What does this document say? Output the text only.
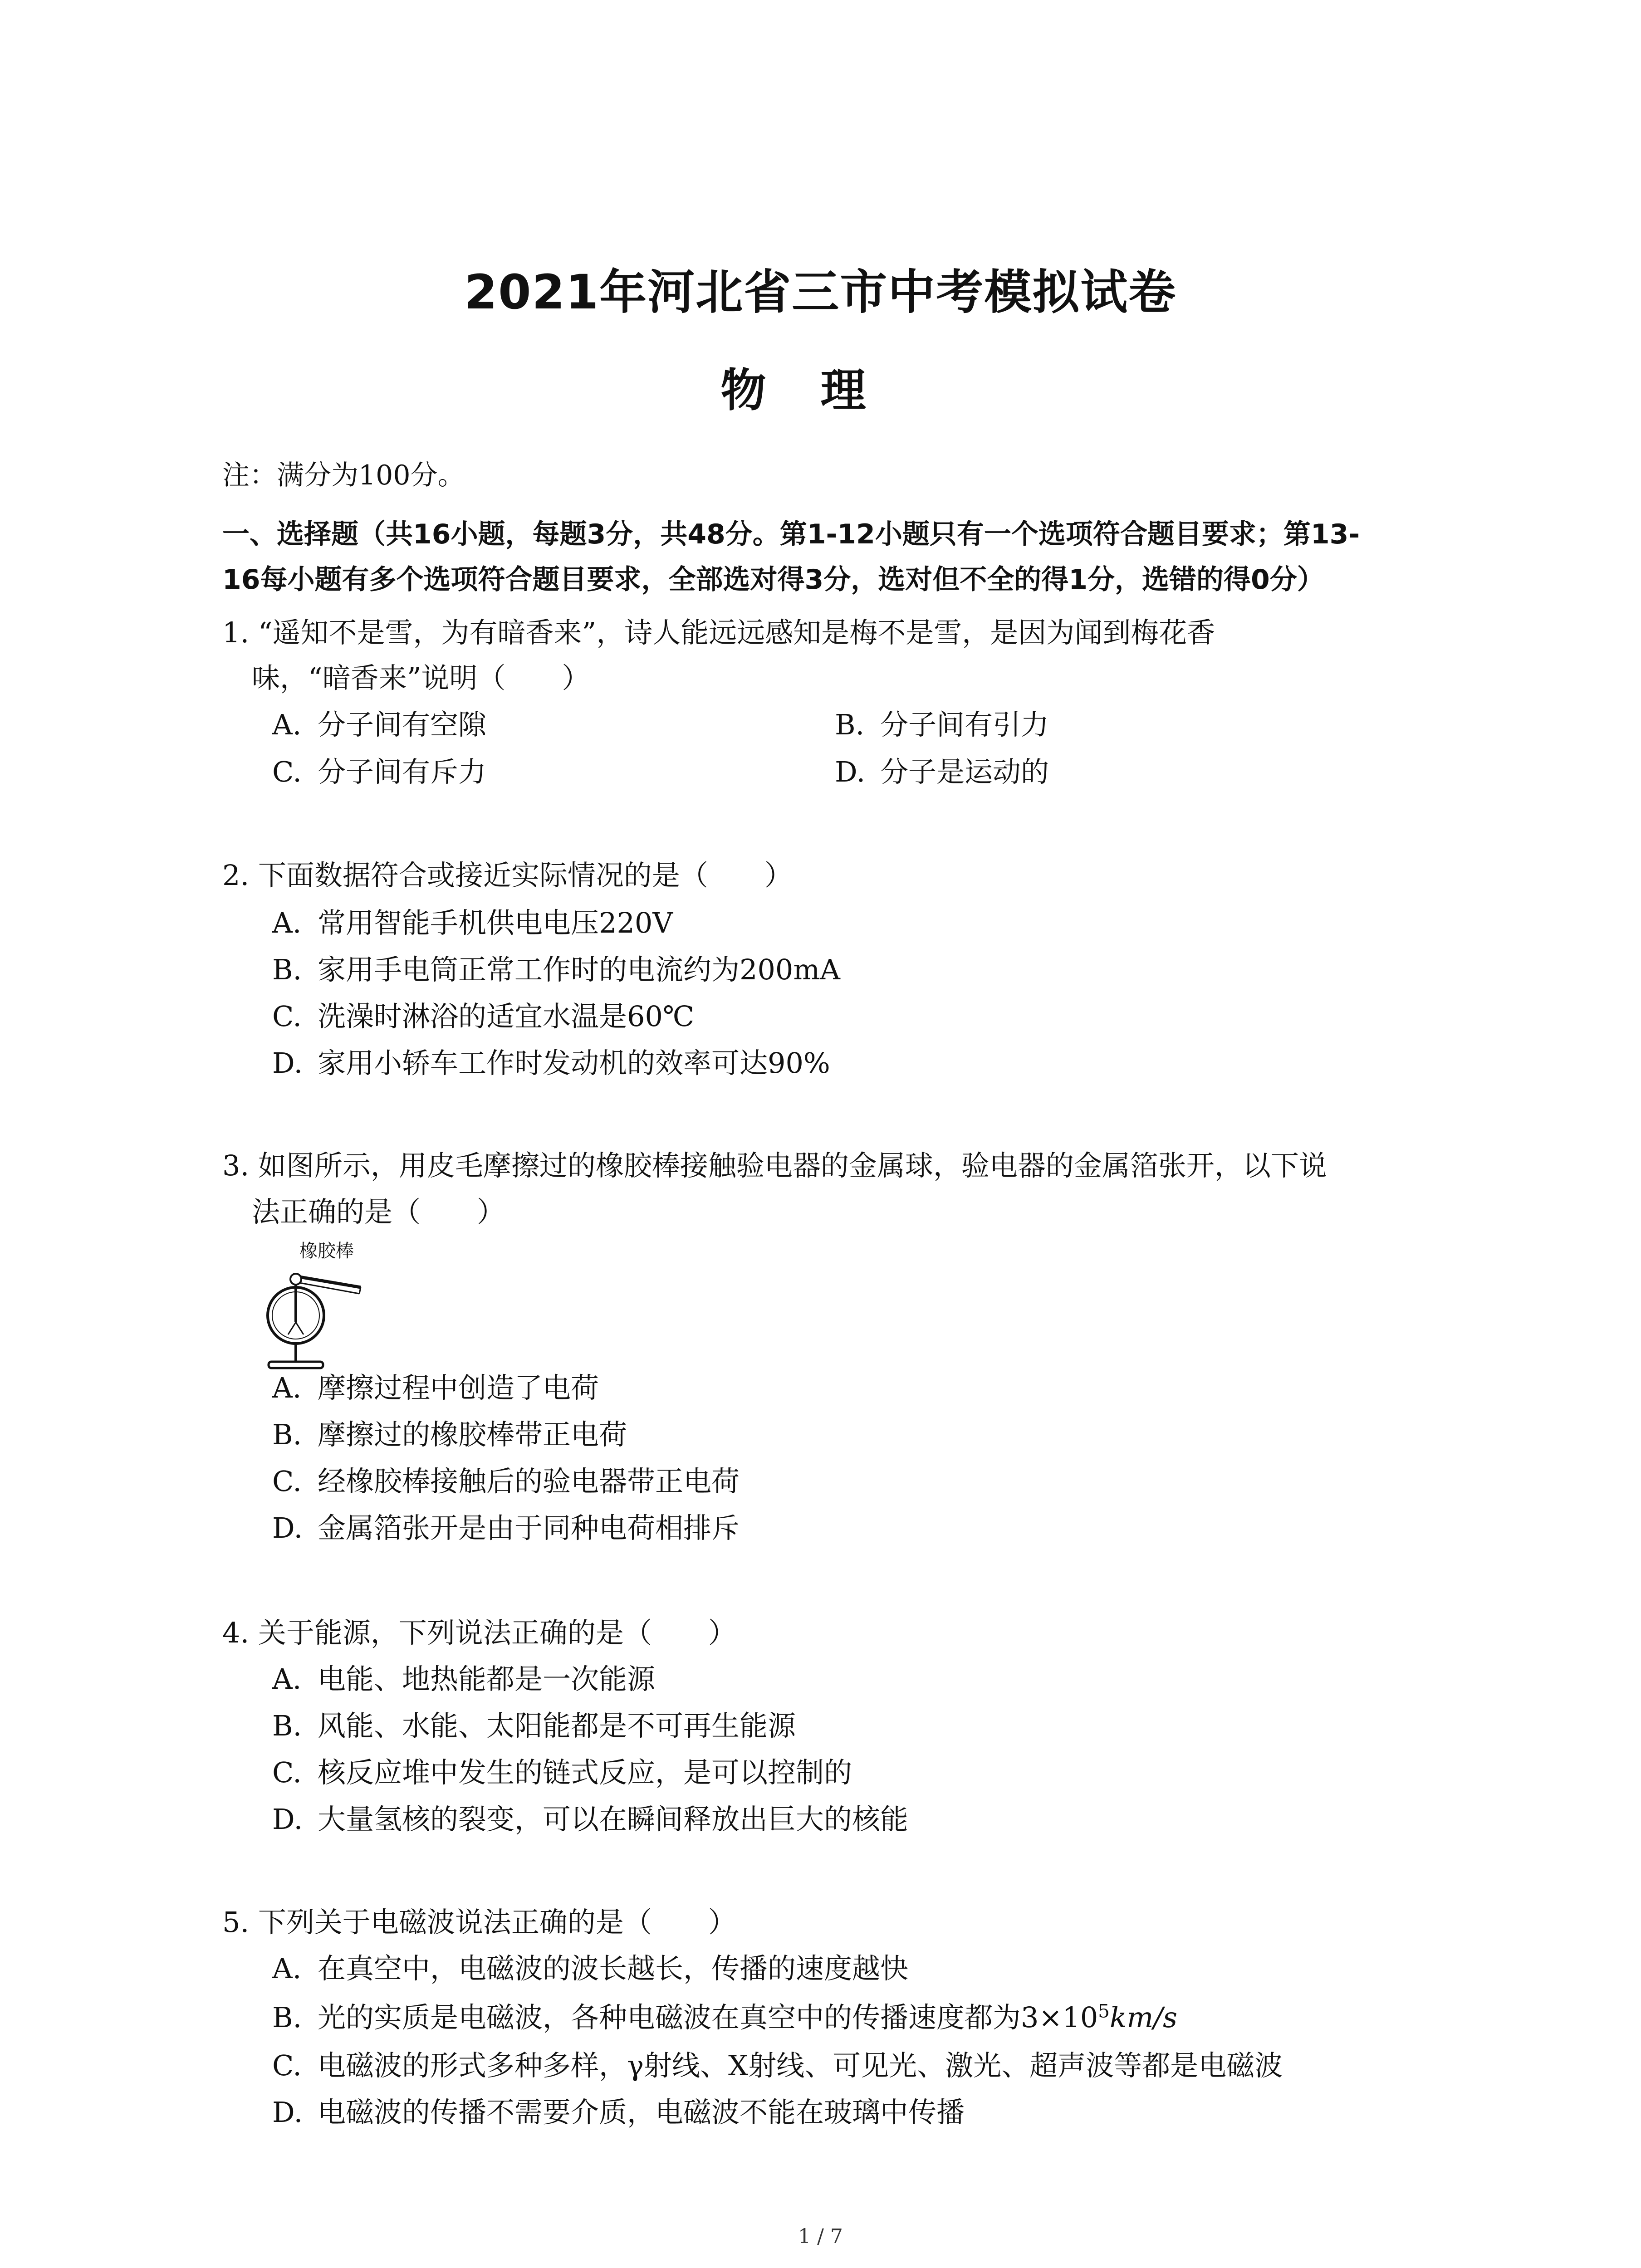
2021年河北省三市中考模拟试卷
物理
注：满分为100分。
一、选择题（共16小题，每题3分，共48分。第1-12小题只有一个选项符合题目要求；第13-
16每小题有多个选项符合题目要求，全部选对得3分，选对但不全的得1分，选错的得0分）
1. “遥知不是雪，为有暗香来”，诗人能远远感知是梅不是雪，是因为闻到梅花香
味，“暗香来”说明（　　）
A. 分子间有空隙	B. 分子间有引力
C. 分子间有斥力	D. 分子是运动的
2. 下面数据符合或接近实际情况的是（　　）
A. 常用智能手机供电电压220V
B. 家用手电筒正常工作时的电流约为200mA
C. 洗澡时淋浴的适宜水温是60℃
D. 家用小轿车工作时发动机的效率可达90%
3. 如图所示，用皮毛摩擦过的橡胶棒接触验电器的金属球，验电器的金属箔张开，以下说
法正确的是（　　）
橡胶棒
A. 摩擦过程中创造了电荷
B. 摩擦过的橡胶棒带正电荷
C. 经橡胶棒接触后的验电器带正电荷
D. 金属箔张开是由于同种电荷相排斥
4. 关于能源，下列说法正确的是（　　）
A. 电能、地热能都是一次能源
B. 风能、水能、太阳能都是不可再生能源
C. 核反应堆中发生的链式反应，是可以控制的
D. 大量氢核的裂变，可以在瞬间释放出巨大的核能
5. 下列关于电磁波说法正确的是（　　）
A. 在真空中，电磁波的波长越长，传播的速度越快
B. 光的实质是电磁波，各种电磁波在真空中的传播速度都为$3\times 10^5km/s$
C. 电磁波的形式多种多样，γ射线、X射线、可见光、激光、超声波等都是电磁波
D. 电磁波的传播不需要介质，电磁波不能在玻璃中传播
1 / 7
